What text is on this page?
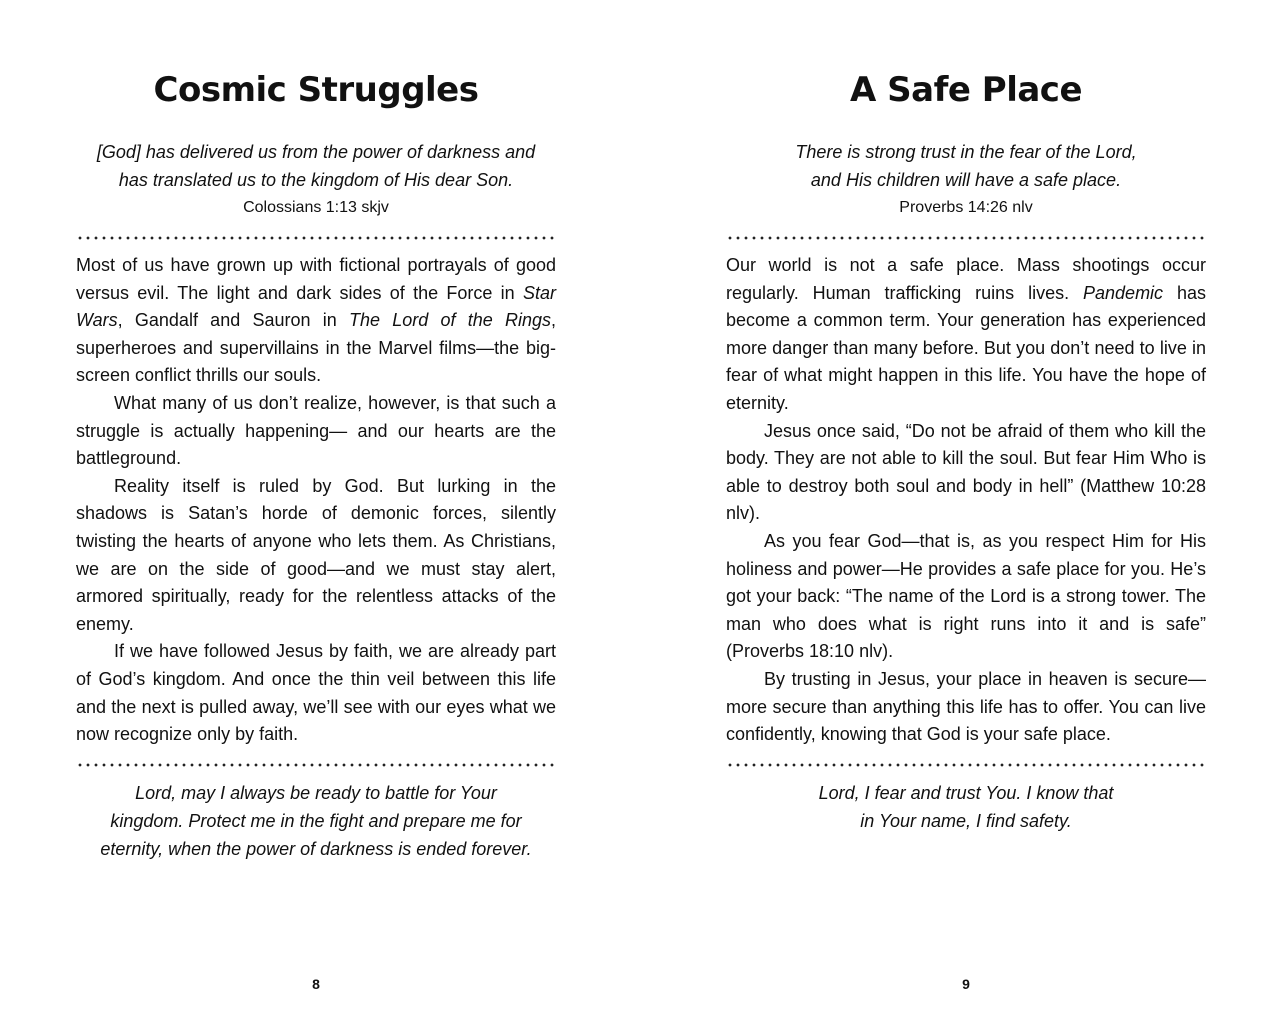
Cosmic Struggles

[God] has delivered us from the power of darkness and

has translated us to the kingdom of His dear Son.

Colossians 1:13 skjv

Most of us have grown up with fictional portrayals of good versus evil. The light and dark sides of the Force in Star Wars, Gandalf and Sauron in The Lord of the Rings, superheroes and supervillains in the Marvel films—the big-screen conflict thrills our souls.

What many of us don’t realize, however, is that such a struggle is actually happening— and our hearts are the battleground.

Reality itself is ruled by God. But lurking in the shadows is Satan’s horde of demonic forces, silently twisting the hearts of anyone who lets them. As Christians, we are on the side of good—and we must stay alert, armored spiritually, ready for the relentless attacks of the enemy.

If we have followed Jesus by faith, we are already part of God’s kingdom. And once the thin veil between this life and the next is pulled away, we’ll see with our eyes what we now recognize only by faith.

Lord, may I always be ready to battle for Your

kingdom. Protect me in the fight and prepare me for

eternity, when the power of darkness is ended forever.

8
A Safe Place

There is strong trust in the fear of the Lord,

and His children will have a safe place.

Proverbs 14:26 nlv

Our world is not a safe place. Mass shootings occur regularly. Human trafficking ruins lives. Pandemic has become a common term. Your generation has experienced more danger than many before. But you don’t need to live in fear of what might happen in this life. You have the hope of eternity.

Jesus once said, “Do not be afraid of them who kill the body. They are not able to kill the soul. But fear Him Who is able to destroy both soul and body in hell” (Matthew 10:28 nlv).

As you fear God—that is, as you respect Him for His holiness and power—He provides a safe place for you. He’s got your back: “The name of the Lord is a strong tower. The man who does what is right runs into it and is safe” (Proverbs 18:10 nlv).

By trusting in Jesus, your place in heaven is secure— more secure than anything this life has to offer. You can live confidently, knowing that God is your safe place.

Lord, I fear and trust You. I know that

in Your name, I find safety.

9
